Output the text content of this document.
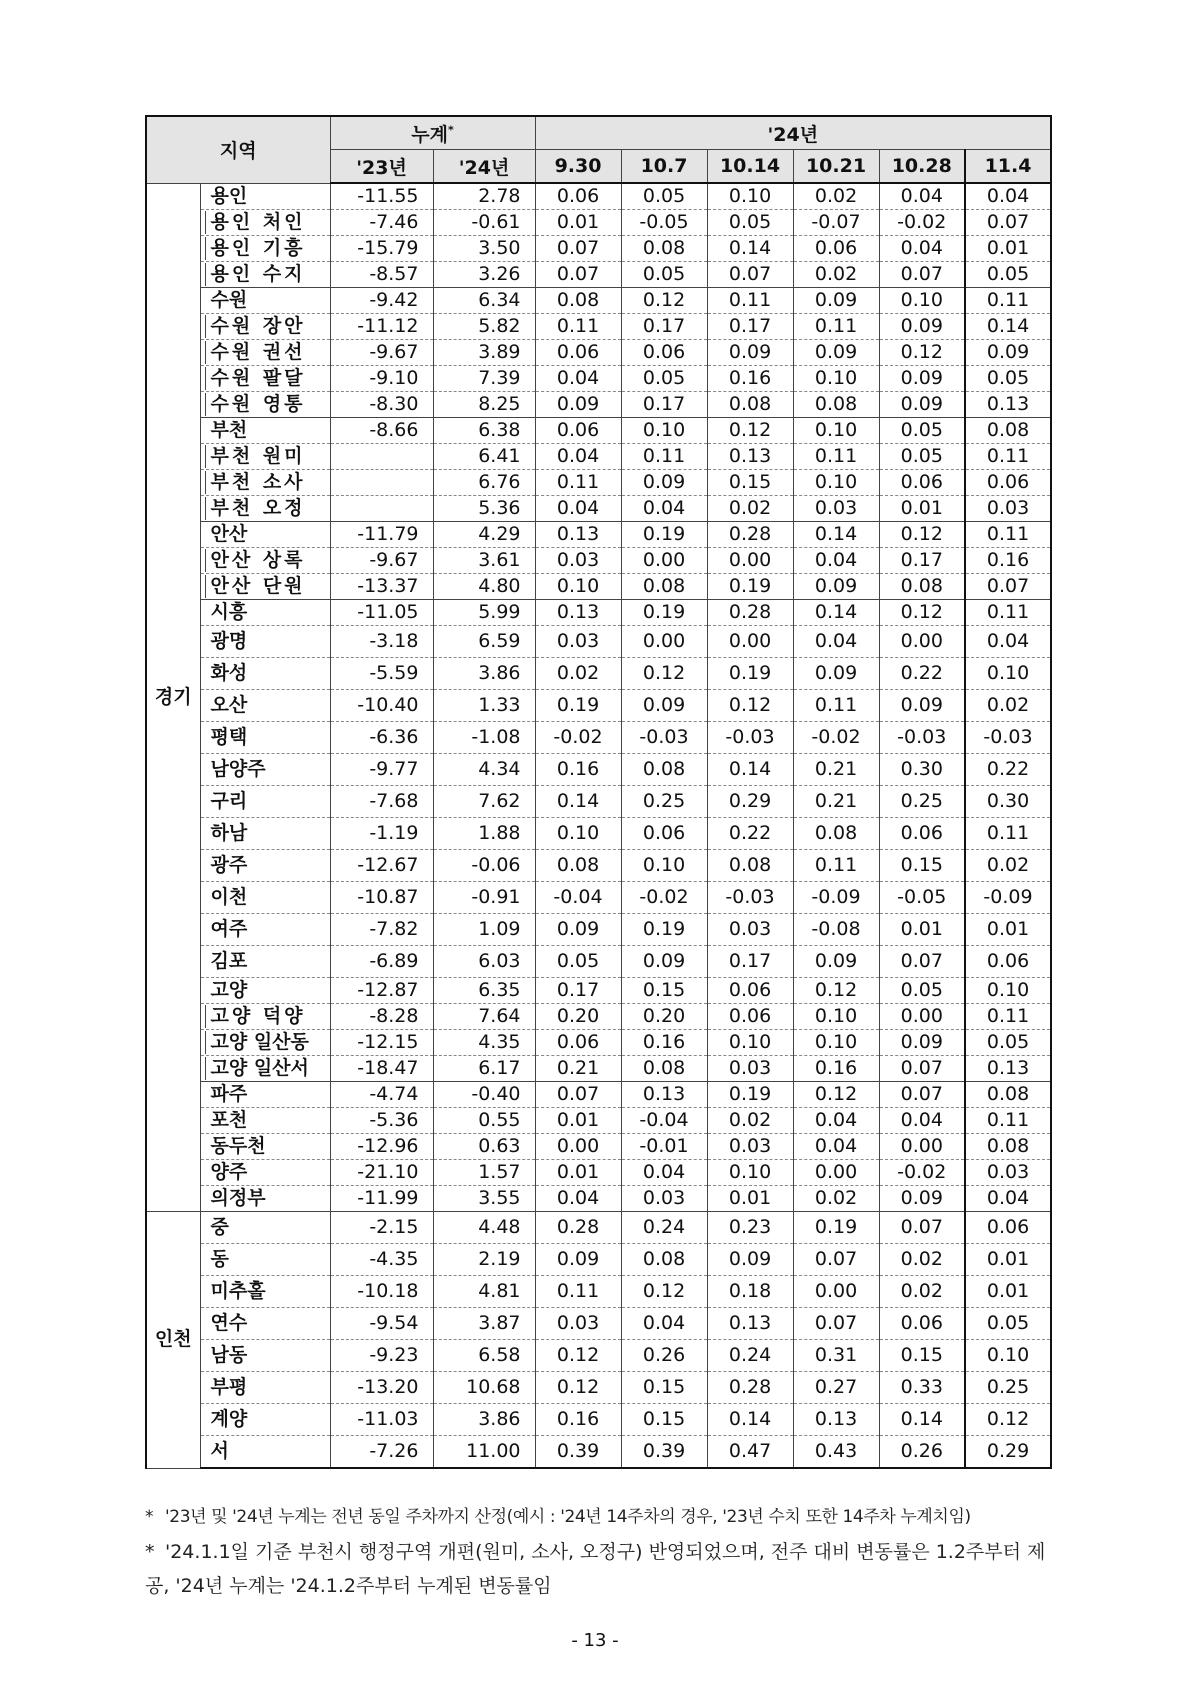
지역		누계*		'24년					
		'23년	'24년	9.30	10.7	10.14	10.21	10.28	11.4
경기	용인	-11.55	2.78	0.06	0.05	0.10	0.02	0.04	0.04
	용인 처인	-7.46	-0.61	0.01	-0.05	0.05	-0.07	-0.02	0.07
	용인 기흥	-15.79	3.50	0.07	0.08	0.14	0.06	0.04	0.01
	용인 수지	-8.57	3.26	0.07	0.05	0.07	0.02	0.07	0.05
	수원	-9.42	6.34	0.08	0.12	0.11	0.09	0.10	0.11
	수원 장안	-11.12	5.82	0.11	0.17	0.17	0.11	0.09	0.14
	수원 권선	-9.67	3.89	0.06	0.06	0.09	0.09	0.12	0.09
	수원 팔달	-9.10	7.39	0.04	0.05	0.16	0.10	0.09	0.05
	수원 영통	-8.30	8.25	0.09	0.17	0.08	0.08	0.09	0.13
	부천	-8.66	6.38	0.06	0.10	0.12	0.10	0.05	0.08
	부천 원미		6.41	0.04	0.11	0.13	0.11	0.05	0.11
	부천 소사		6.76	0.11	0.09	0.15	0.10	0.06	0.06
	부천 오정		5.36	0.04	0.04	0.02	0.03	0.01	0.03
	안산	-11.79	4.29	0.13	0.19	0.28	0.14	0.12	0.11
	안산 상록	-9.67	3.61	0.03	0.00	0.00	0.04	0.17	0.16
	안산 단원	-13.37	4.80	0.10	0.08	0.19	0.09	0.08	0.07
	시흥	-11.05	5.99	0.13	0.19	0.28	0.14	0.12	0.11
	광명	-3.18	6.59	0.03	0.00	0.00	0.04	0.00	0.04
	화성	-5.59	3.86	0.02	0.12	0.19	0.09	0.22	0.10
	오산	-10.40	1.33	0.19	0.09	0.12	0.11	0.09	0.02
	평택	-6.36	-1.08	-0.02	-0.03	-0.03	-0.02	-0.03	-0.03
	남양주	-9.77	4.34	0.16	0.08	0.14	0.21	0.30	0.22
	구리	-7.68	7.62	0.14	0.25	0.29	0.21	0.25	0.30
	하남	-1.19	1.88	0.10	0.06	0.22	0.08	0.06	0.11
	광주	-12.67	-0.06	0.08	0.10	0.08	0.11	0.15	0.02
	이천	-10.87	-0.91	-0.04	-0.02	-0.03	-0.09	-0.05	-0.09
	여주	-7.82	1.09	0.09	0.19	0.03	-0.08	0.01	0.01
	김포	-6.89	6.03	0.05	0.09	0.17	0.09	0.07	0.06
	고양	-12.87	6.35	0.17	0.15	0.06	0.12	0.05	0.10
	고양 덕양	-8.28	7.64	0.20	0.20	0.06	0.10	0.00	0.11
	고양 일산동	-12.15	4.35	0.06	0.16	0.10	0.10	0.09	0.05
	고양 일산서	-18.47	6.17	0.21	0.08	0.03	0.16	0.07	0.13
	파주	-4.74	-0.40	0.07	0.13	0.19	0.12	0.07	0.08
	포천	-5.36	0.55	0.01	-0.04	0.02	0.04	0.04	0.11
	동두천	-12.96	0.63	0.00	-0.01	0.03	0.04	0.00	0.08
	양주	-21.10	1.57	0.01	0.04	0.10	0.00	-0.02	0.03
	의정부	-11.99	3.55	0.04	0.03	0.01	0.02	0.09	0.04
인천	중	-2.15	4.48	0.28	0.24	0.23	0.19	0.07	0.06
	동	-4.35	2.19	0.09	0.08	0.09	0.07	0.02	0.01
	미추홀	-10.18	4.81	0.11	0.12	0.18	0.00	0.02	0.01
	연수	-9.54	3.87	0.03	0.04	0.13	0.07	0.06	0.05
	남동	-9.23	6.58	0.12	0.26	0.24	0.31	0.15	0.10
	부평	-13.20	10.68	0.12	0.15	0.28	0.27	0.33	0.25
	계양	-11.03	3.86	0.16	0.15	0.14	0.13	0.14	0.12
	서	-7.26	11.00	0.39	0.39	0.47	0.43	0.26	0.29
* '23년 및 '24년 누계는 전년 동일 주차까지 산정(예시 : '24년 14주차의 경우, '23년 수치 또한 14주차 누계치임)
* '24.1.1일 기준 부천시 행정구역 개편(원미, 소사, 오정구) 반영되었으며, 전주 대비 변동률은 1.2주부터 제공, '24년 누계는 '24.1.2주부터 누계된 변동률임
- 13 -
